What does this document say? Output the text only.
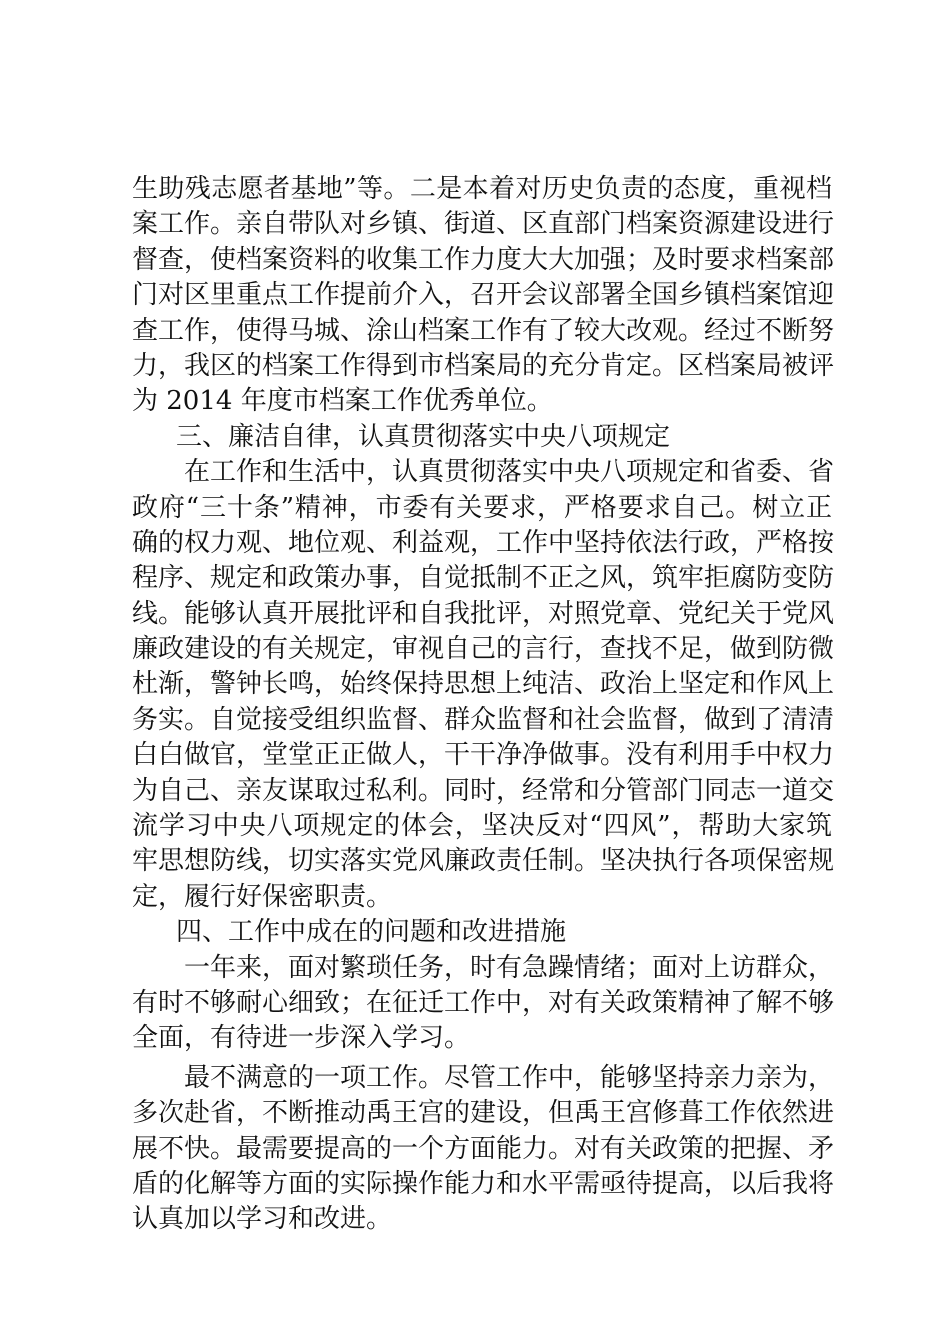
生助残志愿者基地”等。二是本着对历史负责的态度，重视档
案工作。亲自带队对乡镇、街道、区直部门档案资源建设进行
督查，使档案资料的收集工作力度大大加强；及时要求档案部
门对区里重点工作提前介入，召开会议部署全国乡镇档案馆迎
查工作，使得马城、涂山档案工作有了较大改观。经过不断努
力，我区的档案工作得到市档案局的充分肯定。区档案局被评
为 2014 年度市档案工作优秀单位。
三、廉洁自律，认真贯彻落实中央八项规定
在工作和生活中，认真贯彻落实中央八项规定和省委、省
政府“三十条”精神，市委有关要求，严格要求自己。树立正
确的权力观、地位观、利益观，工作中坚持依法行政，严格按
程序、规定和政策办事，自觉抵制不正之风，筑牢拒腐防变防
线。能够认真开展批评和自我批评，对照党章、党纪关于党风
廉政建设的有关规定，审视自己的言行，查找不足，做到防微
杜渐，警钟长鸣，始终保持思想上纯洁、政治上坚定和作风上
务实。自觉接受组织监督、群众监督和社会监督，做到了清清
白白做官，堂堂正正做人，干干净净做事。没有利用手中权力
为自己、亲友谋取过私利。同时，经常和分管部门同志一道交
流学习中央八项规定的体会，坚决反对“四风”，帮助大家筑
牢思想防线，切实落实党风廉政责任制。坚决执行各项保密规
定，履行好保密职责。
四、工作中成在的问题和改进措施
一年来，面对繁琐任务，时有急躁情绪；面对上访群众，
有时不够耐心细致；在征迁工作中，对有关政策精神了解不够
全面，有待进一步深入学习。
最不满意的一项工作。尽管工作中，能够坚持亲力亲为，
多次赴省，不断推动禹王宫的建设，但禹王宫修葺工作依然进
展不快。最需要提高的一个方面能力。对有关政策的把握、矛
盾的化解等方面的实际操作能力和水平需亟待提高，以后我将
认真加以学习和改进。
